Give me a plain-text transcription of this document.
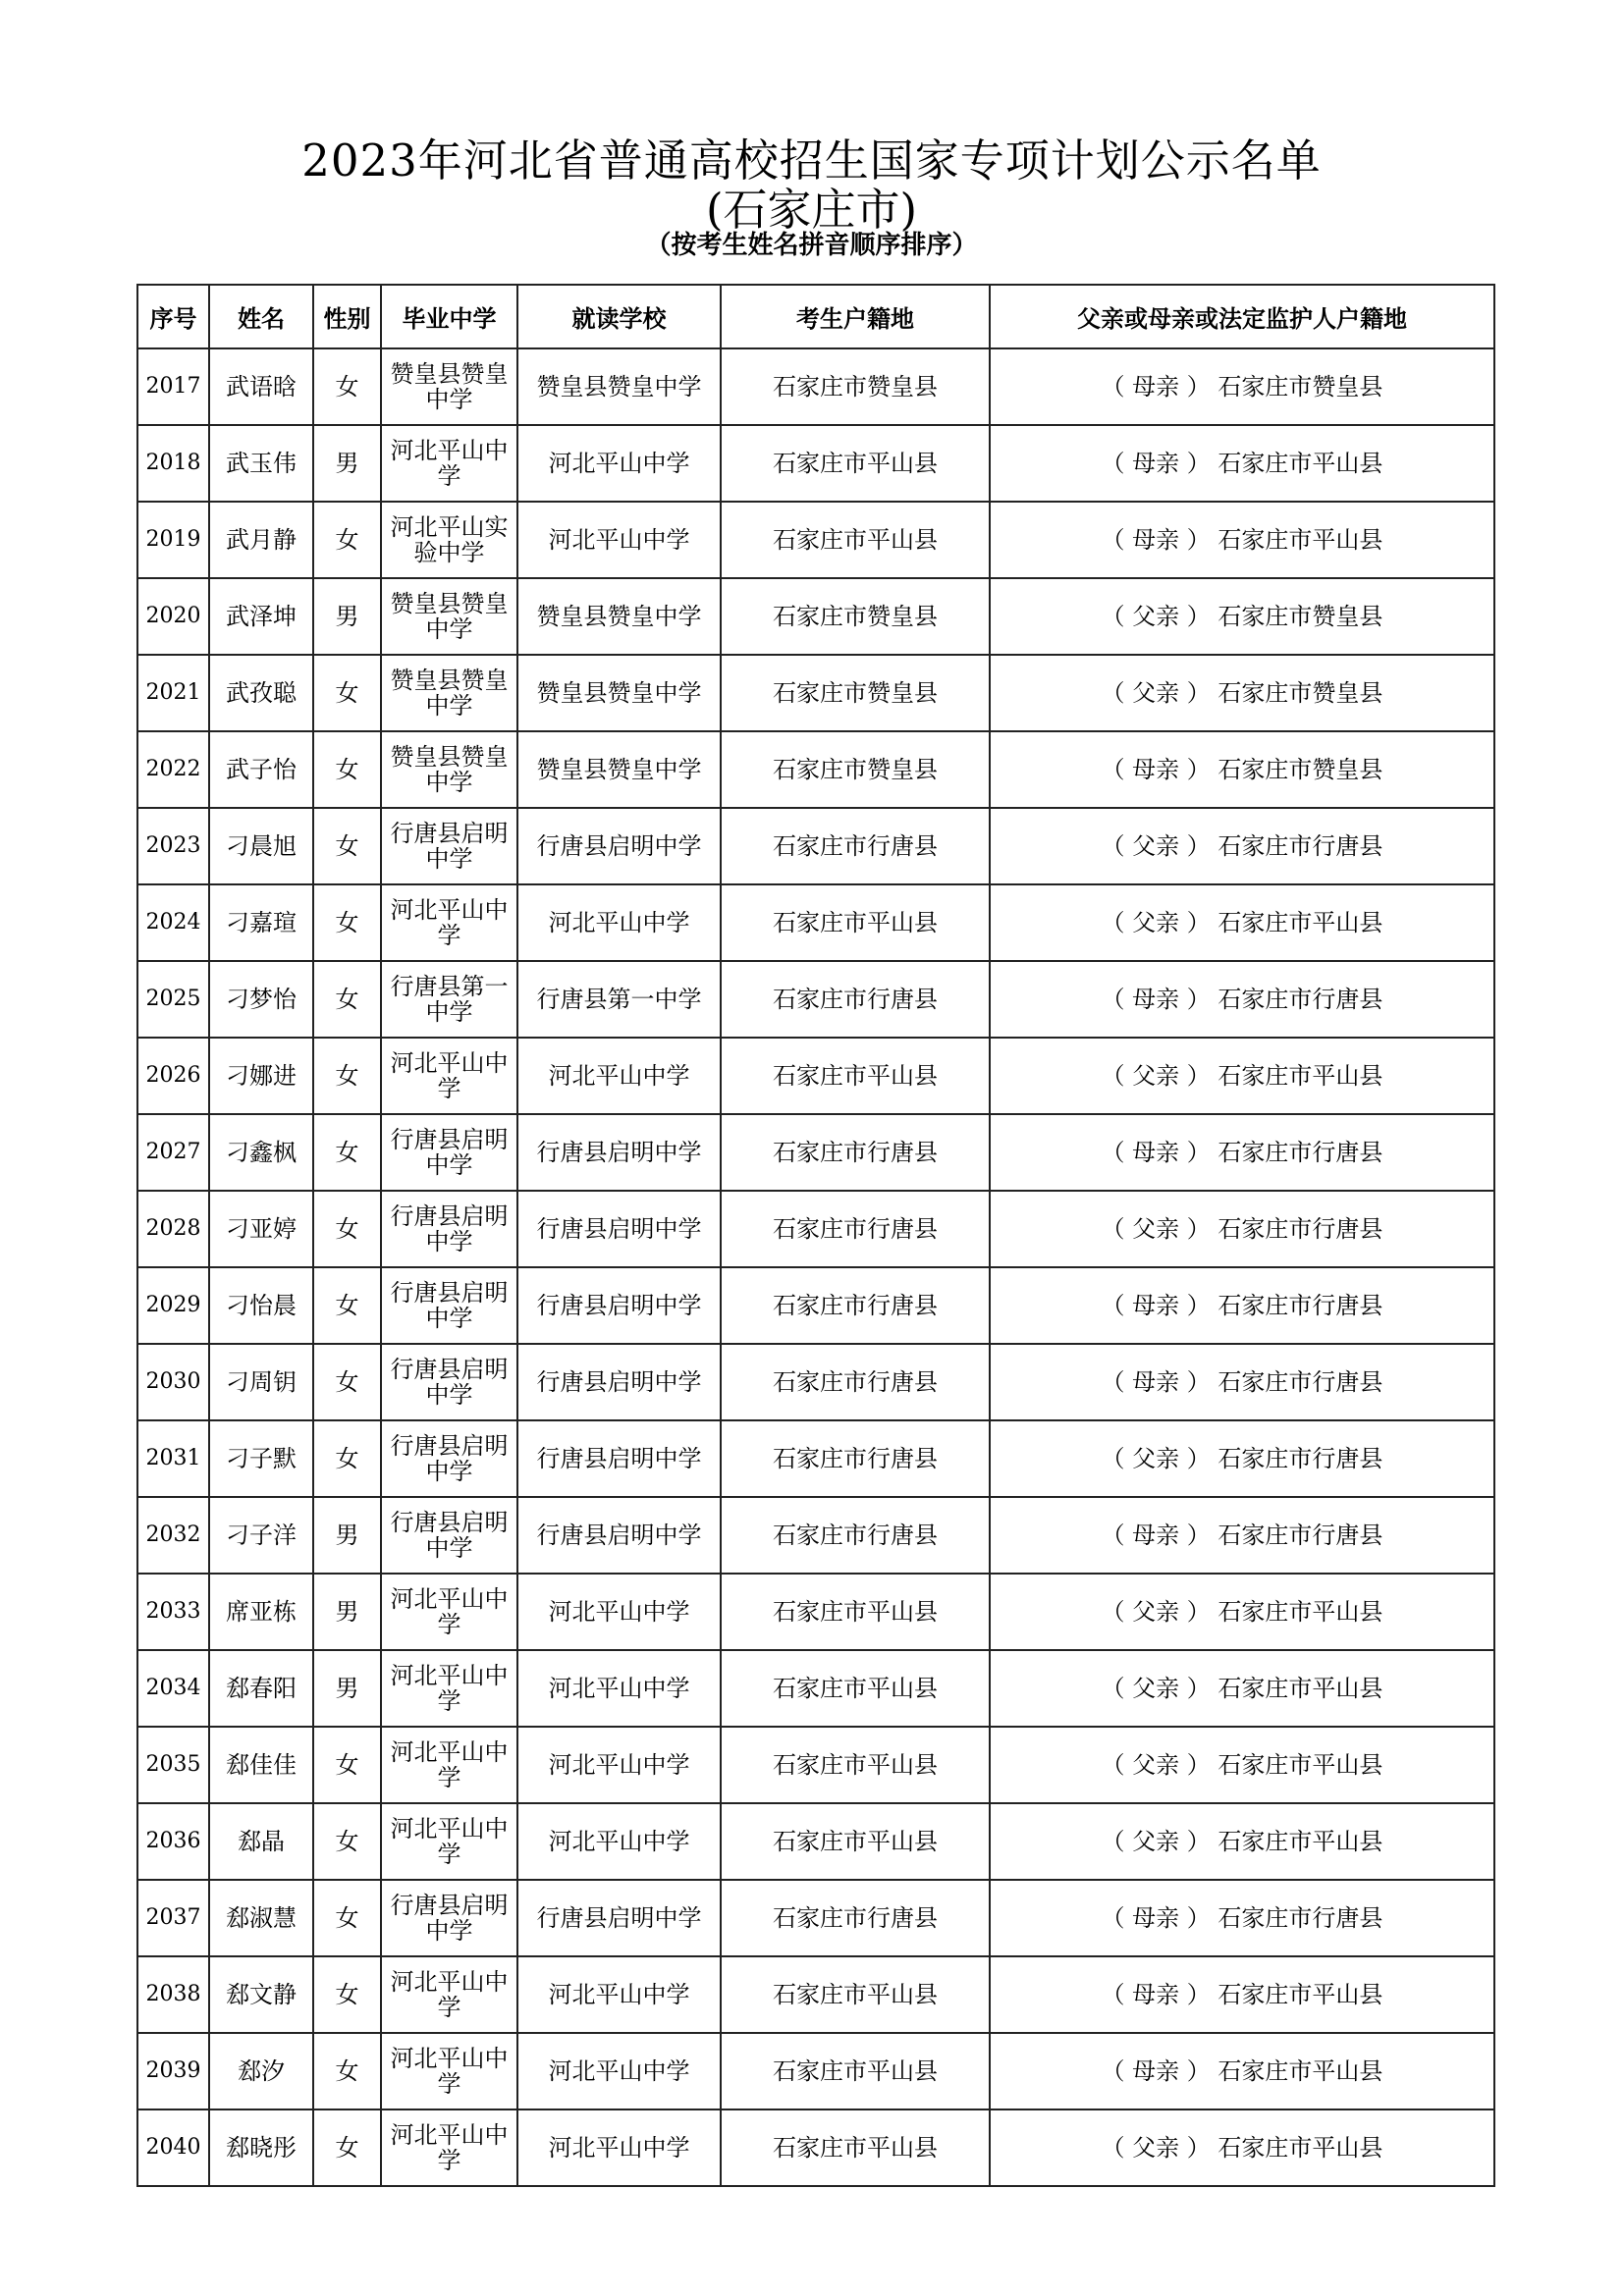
2023年河北省普通高校招生国家专项计划公示名单
(石家庄市)
（按考生姓名拼音顺序排序）
序号	姓名	性别	毕业中学	就读学校	考生户籍地	父亲或母亲或法定监护人户籍地
2017	武语晗	女	赞皇县赞皇中学	赞皇县赞皇中学	石家庄市赞皇县	（ 母亲 ） 石家庄市赞皇县
2018	武玉伟	男	河北平山中学	河北平山中学	石家庄市平山县	（ 母亲 ） 石家庄市平山县
2019	武月静	女	河北平山实验中学	河北平山中学	石家庄市平山县	（ 母亲 ） 石家庄市平山县
2020	武泽坤	男	赞皇县赞皇中学	赞皇县赞皇中学	石家庄市赞皇县	（ 父亲 ） 石家庄市赞皇县
2021	武孜聪	女	赞皇县赞皇中学	赞皇县赞皇中学	石家庄市赞皇县	（ 父亲 ） 石家庄市赞皇县
2022	武子怡	女	赞皇县赞皇中学	赞皇县赞皇中学	石家庄市赞皇县	（ 母亲 ） 石家庄市赞皇县
2023	刁晨旭	女	行唐县启明中学	行唐县启明中学	石家庄市行唐县	（ 父亲 ） 石家庄市行唐县
2024	刁嘉瑄	女	河北平山中学	河北平山中学	石家庄市平山县	（ 父亲 ） 石家庄市平山县
2025	刁梦怡	女	行唐县第一中学	行唐县第一中学	石家庄市行唐县	（ 母亲 ） 石家庄市行唐县
2026	刁娜进	女	河北平山中学	河北平山中学	石家庄市平山县	（ 父亲 ） 石家庄市平山县
2027	刁鑫枫	女	行唐县启明中学	行唐县启明中学	石家庄市行唐县	（ 母亲 ） 石家庄市行唐县
2028	刁亚婷	女	行唐县启明中学	行唐县启明中学	石家庄市行唐县	（ 父亲 ） 石家庄市行唐县
2029	刁怡晨	女	行唐县启明中学	行唐县启明中学	石家庄市行唐县	（ 母亲 ） 石家庄市行唐县
2030	刁周钥	女	行唐县启明中学	行唐县启明中学	石家庄市行唐县	（ 母亲 ） 石家庄市行唐县
2031	刁子默	女	行唐县启明中学	行唐县启明中学	石家庄市行唐县	（ 父亲 ） 石家庄市行唐县
2032	刁子洋	男	行唐县启明中学	行唐县启明中学	石家庄市行唐县	（ 母亲 ） 石家庄市行唐县
2033	席亚栋	男	河北平山中学	河北平山中学	石家庄市平山县	（ 父亲 ） 石家庄市平山县
2034	郄春阳	男	河北平山中学	河北平山中学	石家庄市平山县	（ 父亲 ） 石家庄市平山县
2035	郄佳佳	女	河北平山中学	河北平山中学	石家庄市平山县	（ 父亲 ） 石家庄市平山县
2036	郄晶	女	河北平山中学	河北平山中学	石家庄市平山县	（ 父亲 ） 石家庄市平山县
2037	郄淑慧	女	行唐县启明中学	行唐县启明中学	石家庄市行唐县	（ 母亲 ） 石家庄市行唐县
2038	郄文静	女	河北平山中学	河北平山中学	石家庄市平山县	（ 母亲 ） 石家庄市平山县
2039	郄汐	女	河北平山中学	河北平山中学	石家庄市平山县	（ 母亲 ） 石家庄市平山县
2040	郄晓彤	女	河北平山中学	河北平山中学	石家庄市平山县	（ 父亲 ） 石家庄市平山县
